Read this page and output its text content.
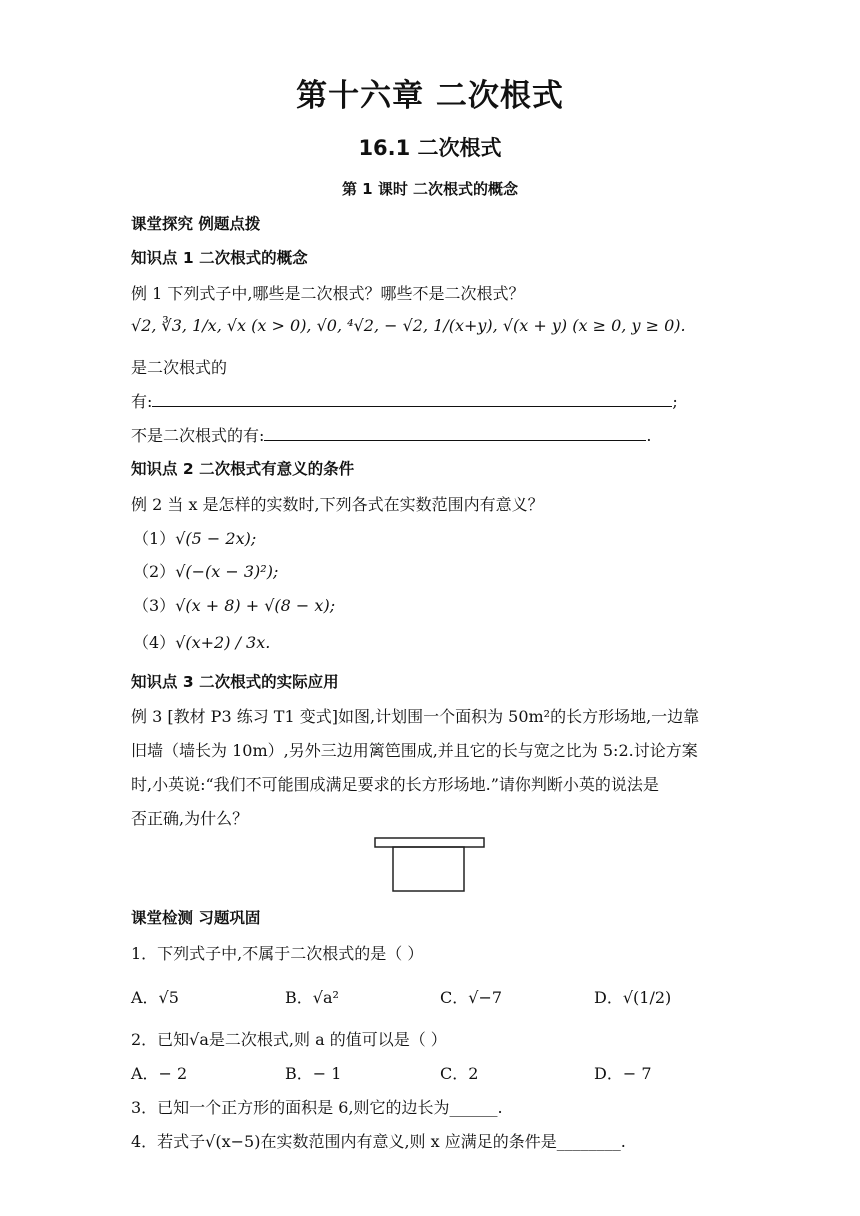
第十六章 二次根式
16.1 二次根式
第 1 课时 二次根式的概念
课堂探究 例题点拨
知识点 1 二次根式的概念
例 1 下列式子中,哪些是二次根式？哪些不是二次根式？
√2, ∛3, 1/x, √x (x > 0), √0, ⁴√2, − √2, 1/(x+y), √(x + y) (x ≥ 0, y ≥ 0).
是二次根式的
有:	;
不是二次根式的有:	.
知识点 2 二次根式有意义的条件
例 2 当 x 是怎样的实数时,下列各式在实数范围内有意义？
（1）√(5 − 2x);
（2）√(−(x − 3)²);
（3）√(x + 8) + √(8 − x);
（4）√(x+2) / 3x.
知识点 3 二次根式的实际应用
例 3 [教材 P3 练习 T1 变式]如图,计划围一个面积为 50m²的长方形场地,一边靠
旧墙（墙长为 10m）,另外三边用篱笆围成,并且它的长与宽之比为 5:2.讨论方案
时,小英说:“我们不可能围成满足要求的长方形场地.”请你判断小英的说法是
否正确,为什么？
课堂检测 习题巩固
1．下列式子中,不属于二次根式的是（ ）
A．√5	B．√a²	C．√−7	D．√(1/2)
2．已知√a是二次根式,则 a 的值可以是（ ）
A．− 2	B．− 1	C．2	D．− 7
3．已知一个正方形的面积是 6,则它的边长为______.
4．若式子√(x−5)在实数范围内有意义,则 x 应满足的条件是________.
